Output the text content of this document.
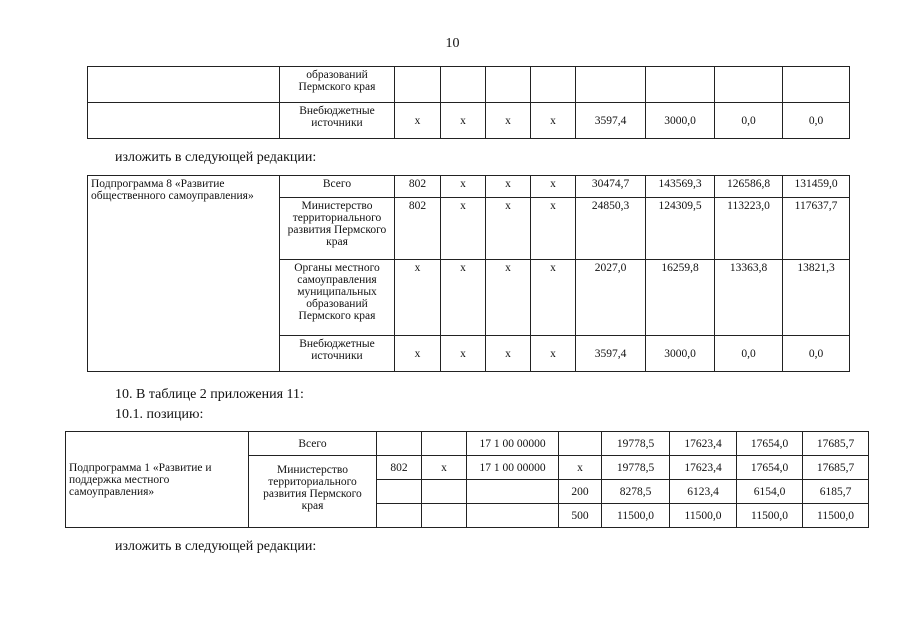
10
	образований Пермского края								
	Внебюджетные источники	х	х	х	х	3597,4	3000,0	0,0	0,0
изложить в следующей редакции:
Подпрограмма 8 «Развитие общественного самоуправления»	Всего	802	х	х	х	30474,7	143569,3	126586,8	131459,0
	Министерство территориального развития Пермского края	802	х	х	х	24850,3	124309,5	113223,0	117637,7
	Органы местного самоуправления муниципальных образований Пермского края	х	х	х	х	2027,0	16259,8	13363,8	13821,3
	Внебюджетные источники	х	х	х	х	3597,4	3000,0	0,0	0,0
10. В таблице 2 приложения 11:
10.1. позицию:
Подпрограмма 1 «Развитие и поддержка местного самоуправления»	Всего			17 1 00 00000		19778,5	17623,4	17654,0	17685,7
	Министерство территориального развития Пермского края	802	х	17 1 00 00000	х	19778,5	17623,4	17654,0	17685,7
					200	8278,5	6123,4	6154,0	6185,7
					500	11500,0	11500,0	11500,0	11500,0
изложить в следующей редакции:
